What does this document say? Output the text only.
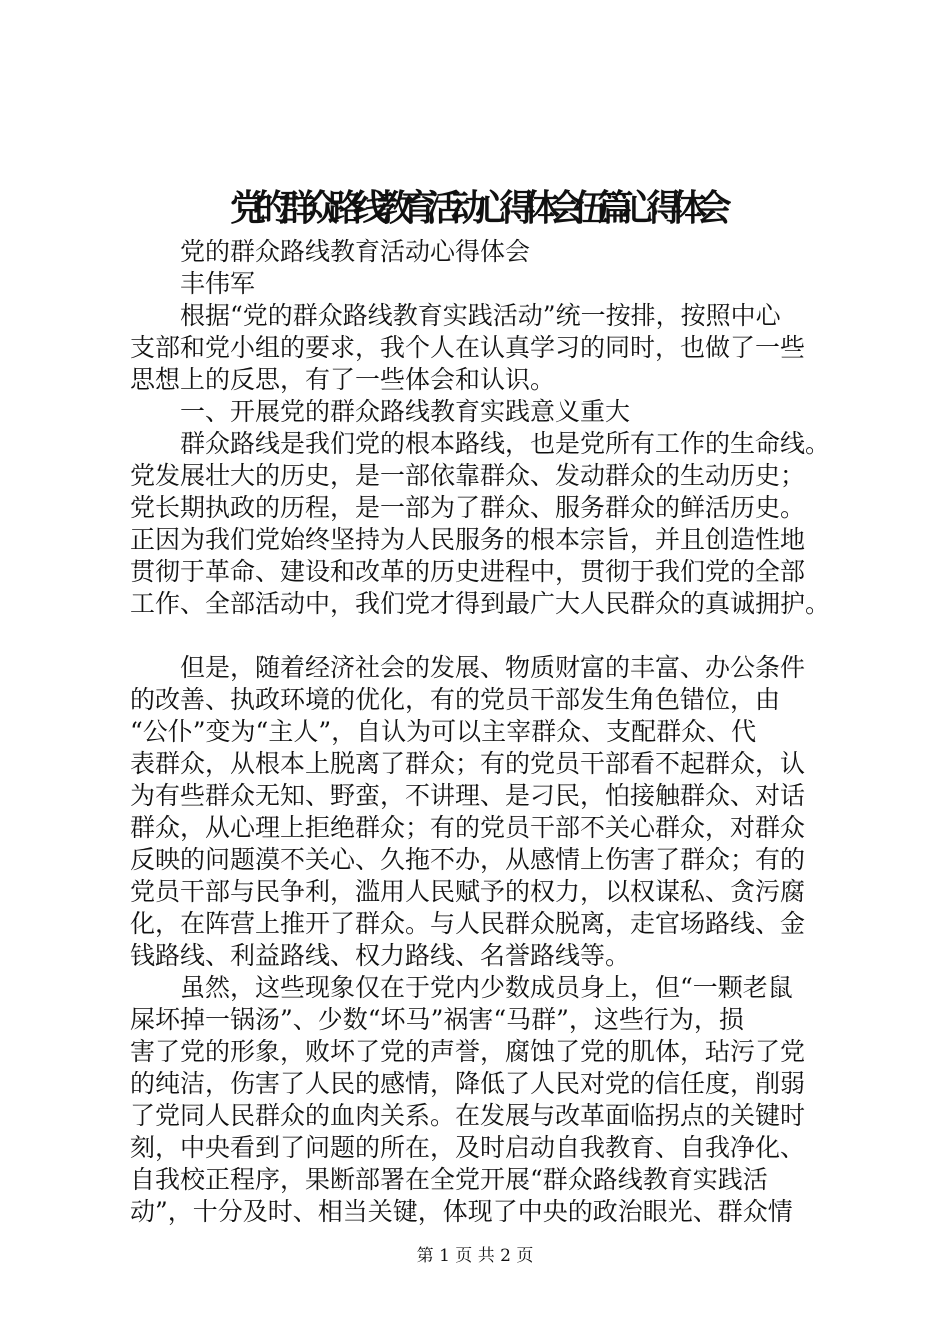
党的群众路线教育活动心得体会伍篇心得体会
党的群众路线教育活动心得体会
丰伟军
根据“党的群众路线教育实践活动”统一按排，按照中心
支部和党小组的要求，我个人在认真学习的同时，也做了一些
思想上的反思，有了一些体会和认识。
一、开展党的群众路线教育实践意义重大
群众路线是我们党的根本路线，也是党所有工作的生命线。
党发展壮大的历史，是一部依靠群众、发动群众的生动历史；
党长期执政的历程，是一部为了群众、服务群众的鲜活历史。
正因为我们党始终坚持为人民服务的根本宗旨，并且创造性地
贯彻于革命、建设和改革的历史进程中，贯彻于我们党的全部
工作、全部活动中，我们党才得到最广大人民群众的真诚拥护。
但是，随着经济社会的发展、物质财富的丰富、办公条件
的改善、执政环境的优化，有的党员干部发生角色错位，由
“公仆”变为“主人”，自认为可以主宰群众、支配群众、代
表群众，从根本上脱离了群众；有的党员干部看不起群众，认
为有些群众无知、野蛮，不讲理、是刁民，怕接触群众、对话
群众，从心理上拒绝群众；有的党员干部不关心群众，对群众
反映的问题漠不关心、久拖不办，从感情上伤害了群众；有的
党员干部与民争利，滥用人民赋予的权力，以权谋私、贪污腐
化，在阵营上推开了群众。与人民群众脱离，走官场路线、金
钱路线、利益路线、权力路线、名誉路线等。
虽然，这些现象仅在于党内少数成员身上，但“一颗老鼠
屎坏掉一锅汤”、少数“坏马”祸害“马群”，这些行为，损
害了党的形象，败坏了党的声誉，腐蚀了党的肌体，玷污了党
的纯洁，伤害了人民的感情，降低了人民对党的信任度，削弱
了党同人民群众的血肉关系。在发展与改革面临拐点的关键时
刻，中央看到了问题的所在，及时启动自我教育、自我净化、
自我校正程序，果断部署在全党开展“群众路线教育实践活
动”，十分及时、相当关键，体现了中央的政治眼光、群众情
第 1 页 共 2 页
